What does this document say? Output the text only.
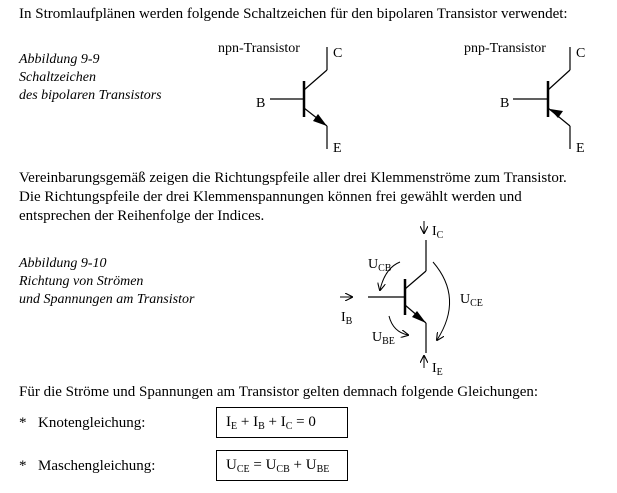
In Stromlaufplänen werden folgende Schaltzeichen für den bipolaren Transistor verwendet:
Abbildung 9-9
Schaltzeichen
des bipolaren Transistors
npn-Transistor C
B
E
pnp-Transistor C
B
E
Vereinbarungsgemäß zeigen die Richtungspfeile aller drei Klemmenströme zum Transistor.
Die Richtungspfeile der drei Klemmenspannungen können frei gewählt werden und
entsprechen der Reihenfolge der Indices.
Abbildung 9-10
Richtung von Strömen
und Spannungen am Transistor
$I_C$
$U_{CB}$
$U_{CE}$
$I_B$
$U_{BE}$
$I_E$
Für die Ströme und Spannungen am Transistor gelten demnach folgende Gleichungen:
* Knotengleichung:	$I_E + I_B + I_C = 0$
* Maschengleichung:	$U_{CE} = U_{CB} + U_{BE}$
